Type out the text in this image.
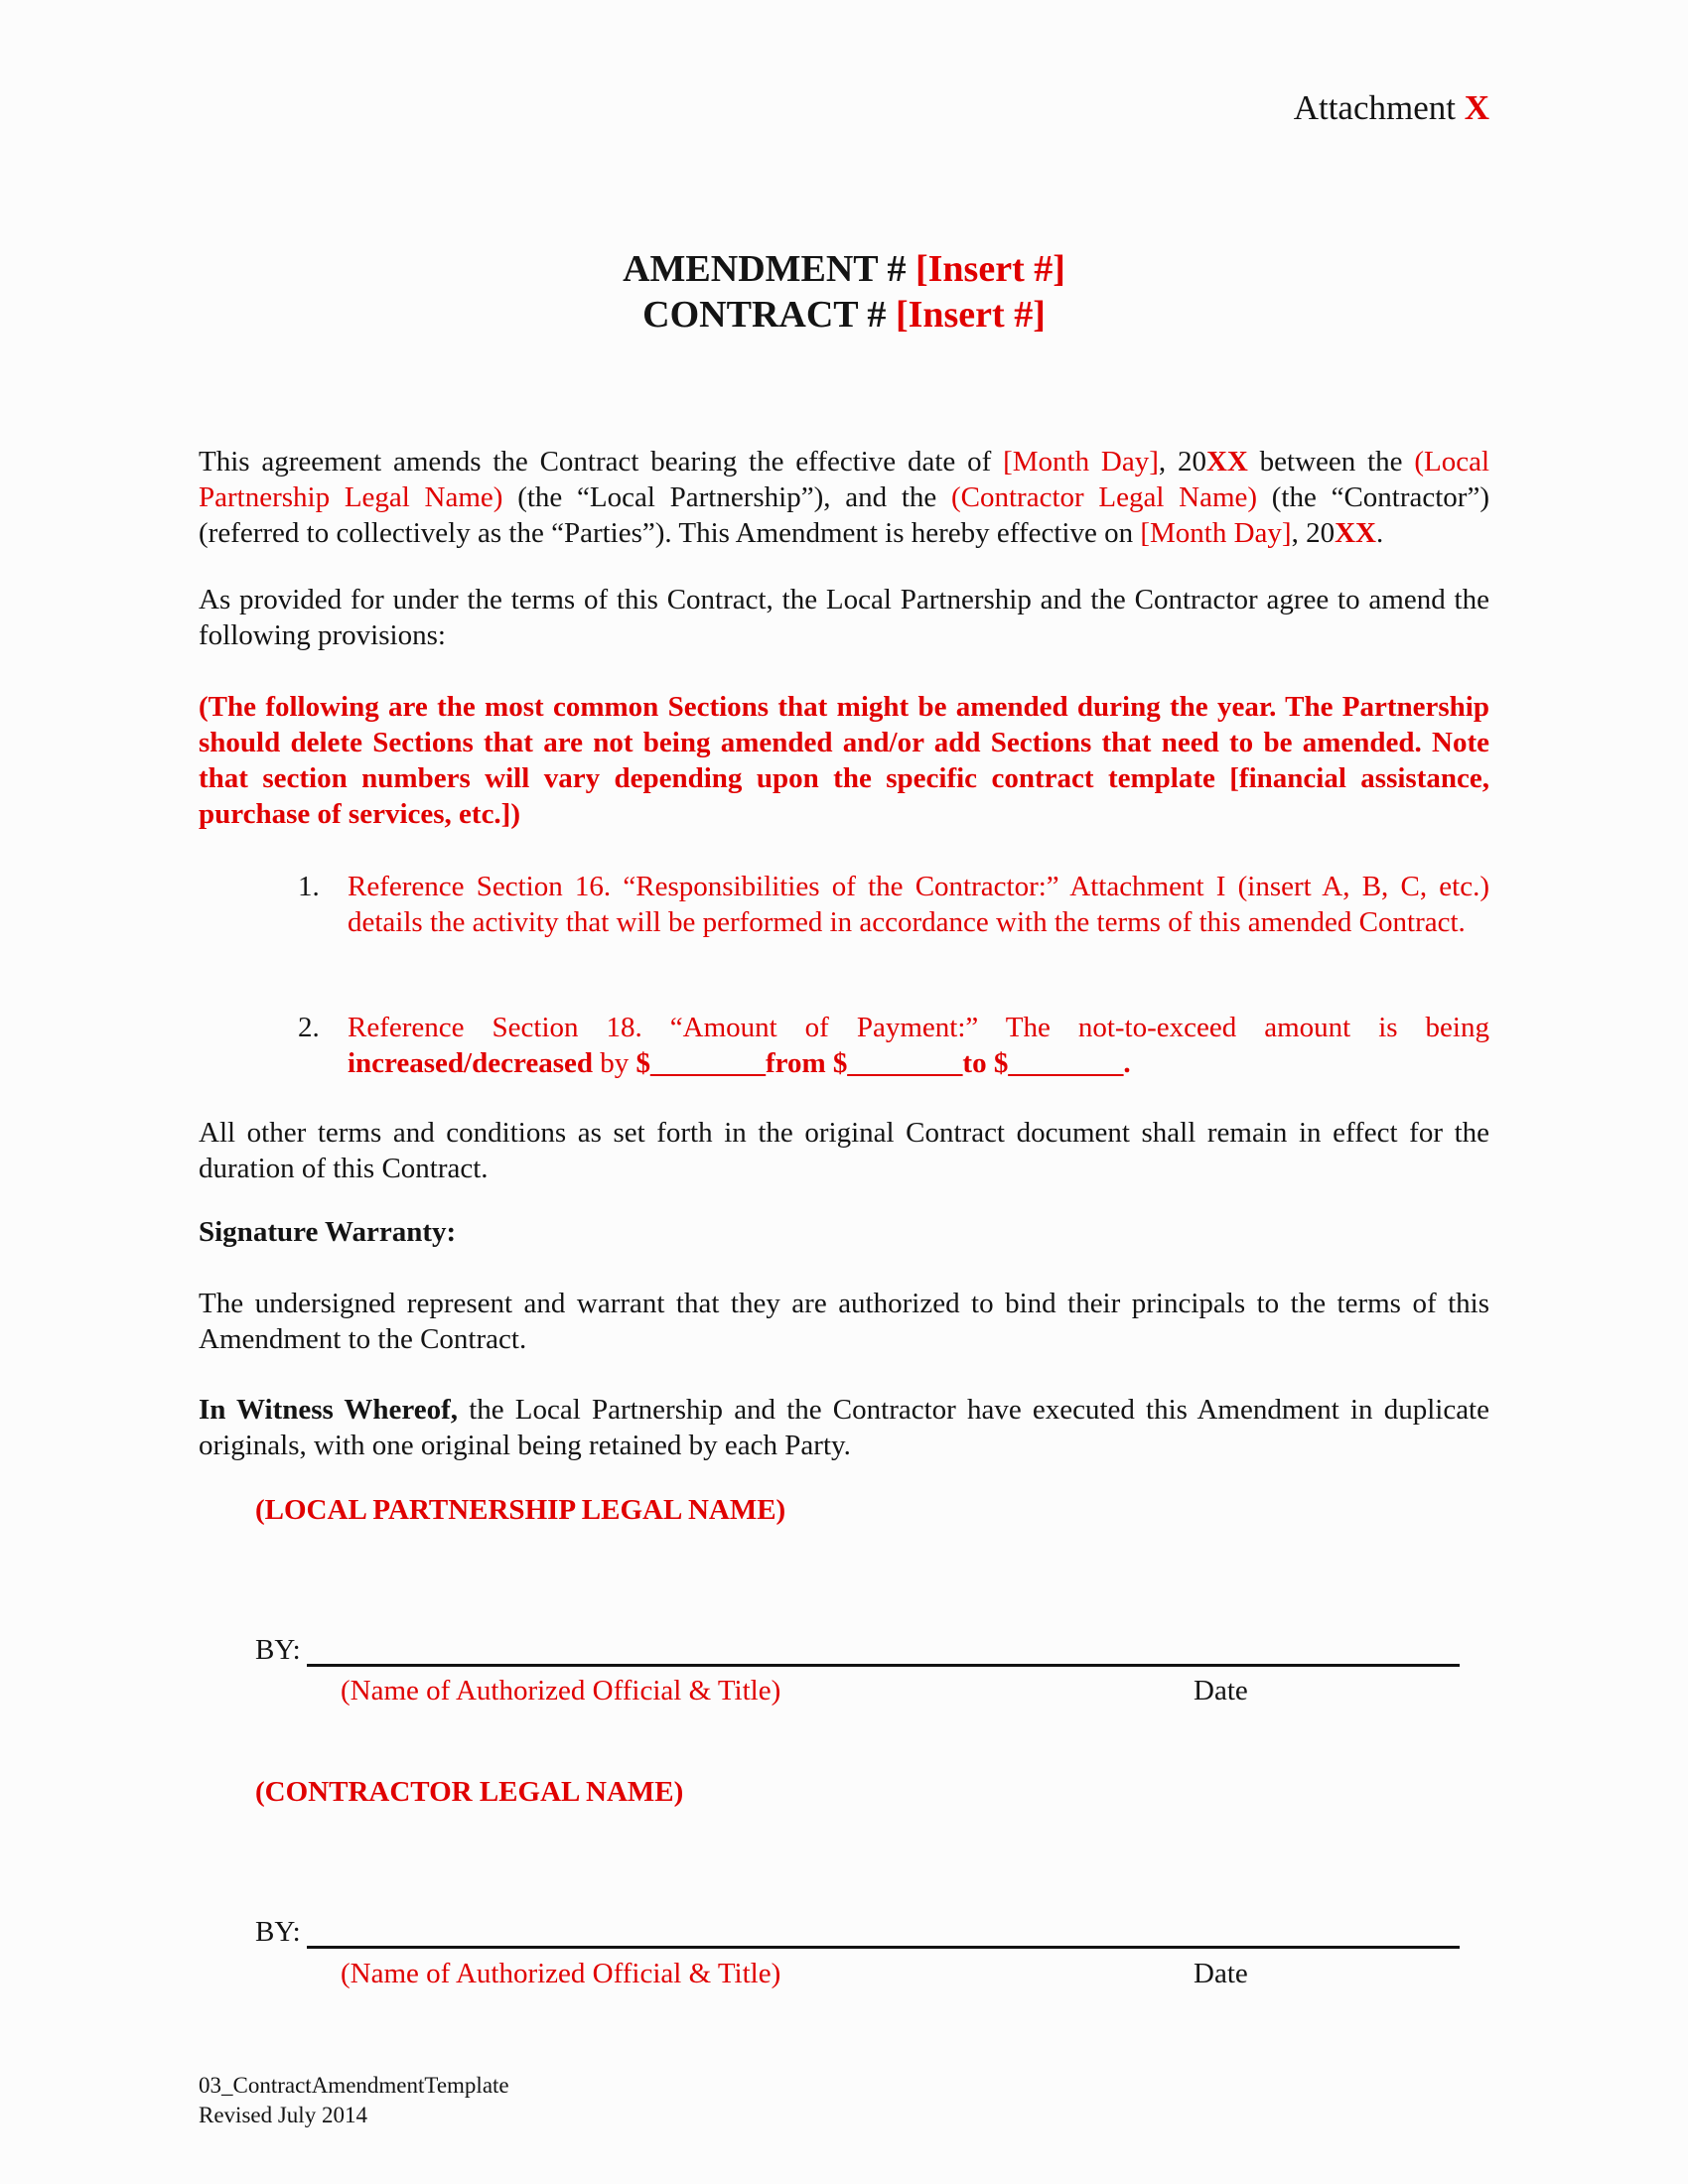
Attachment X
AMENDMENT # [Insert #]
CONTRACT # [Insert #]
This agreement amends the Contract bearing the effective date of [Month Day], 20XX between the (Local Partnership Legal Name) (the “Local Partnership”), and the (Contractor Legal Name) (the “Contractor”) (referred to collectively as the “Parties”). This Amendment is hereby effective on [Month Day], 20XX.
As provided for under the terms of this Contract, the Local Partnership and the Contractor agree to amend the following provisions:
(The following are the most common Sections that might be amended during the year. The Partnership should delete Sections that are not being amended and/or add Sections that need to be amended. Note that section numbers will vary depending upon the specific contract template [financial assistance, purchase of services, etc.])
1. Reference Section 16. “Responsibilities of the Contractor:” Attachment I (insert A, B, C, etc.) details the activity that will be performed in accordance with the terms of this amended Contract.
2. Reference Section 18. “Amount of Payment:” The not-to-exceed amount is being
increased/decreased by $________from $________to $________.
All other terms and conditions as set forth in the original Contract document shall remain in effect for the duration of this Contract.
Signature Warranty:
The undersigned represent and warrant that they are authorized to bind their principals to the terms of this Amendment to the Contract.
In Witness Whereof, the Local Partnership and the Contractor have executed this Amendment in duplicate originals, with one original being retained by each Party.
(LOCAL PARTNERSHIP LEGAL NAME)
BY:
(Name of Authorized Official & Title)	Date
(CONTRACTOR LEGAL NAME)
BY:
(Name of Authorized Official & Title)	Date
03_ContractAmendmentTemplate
Revised July 2014
